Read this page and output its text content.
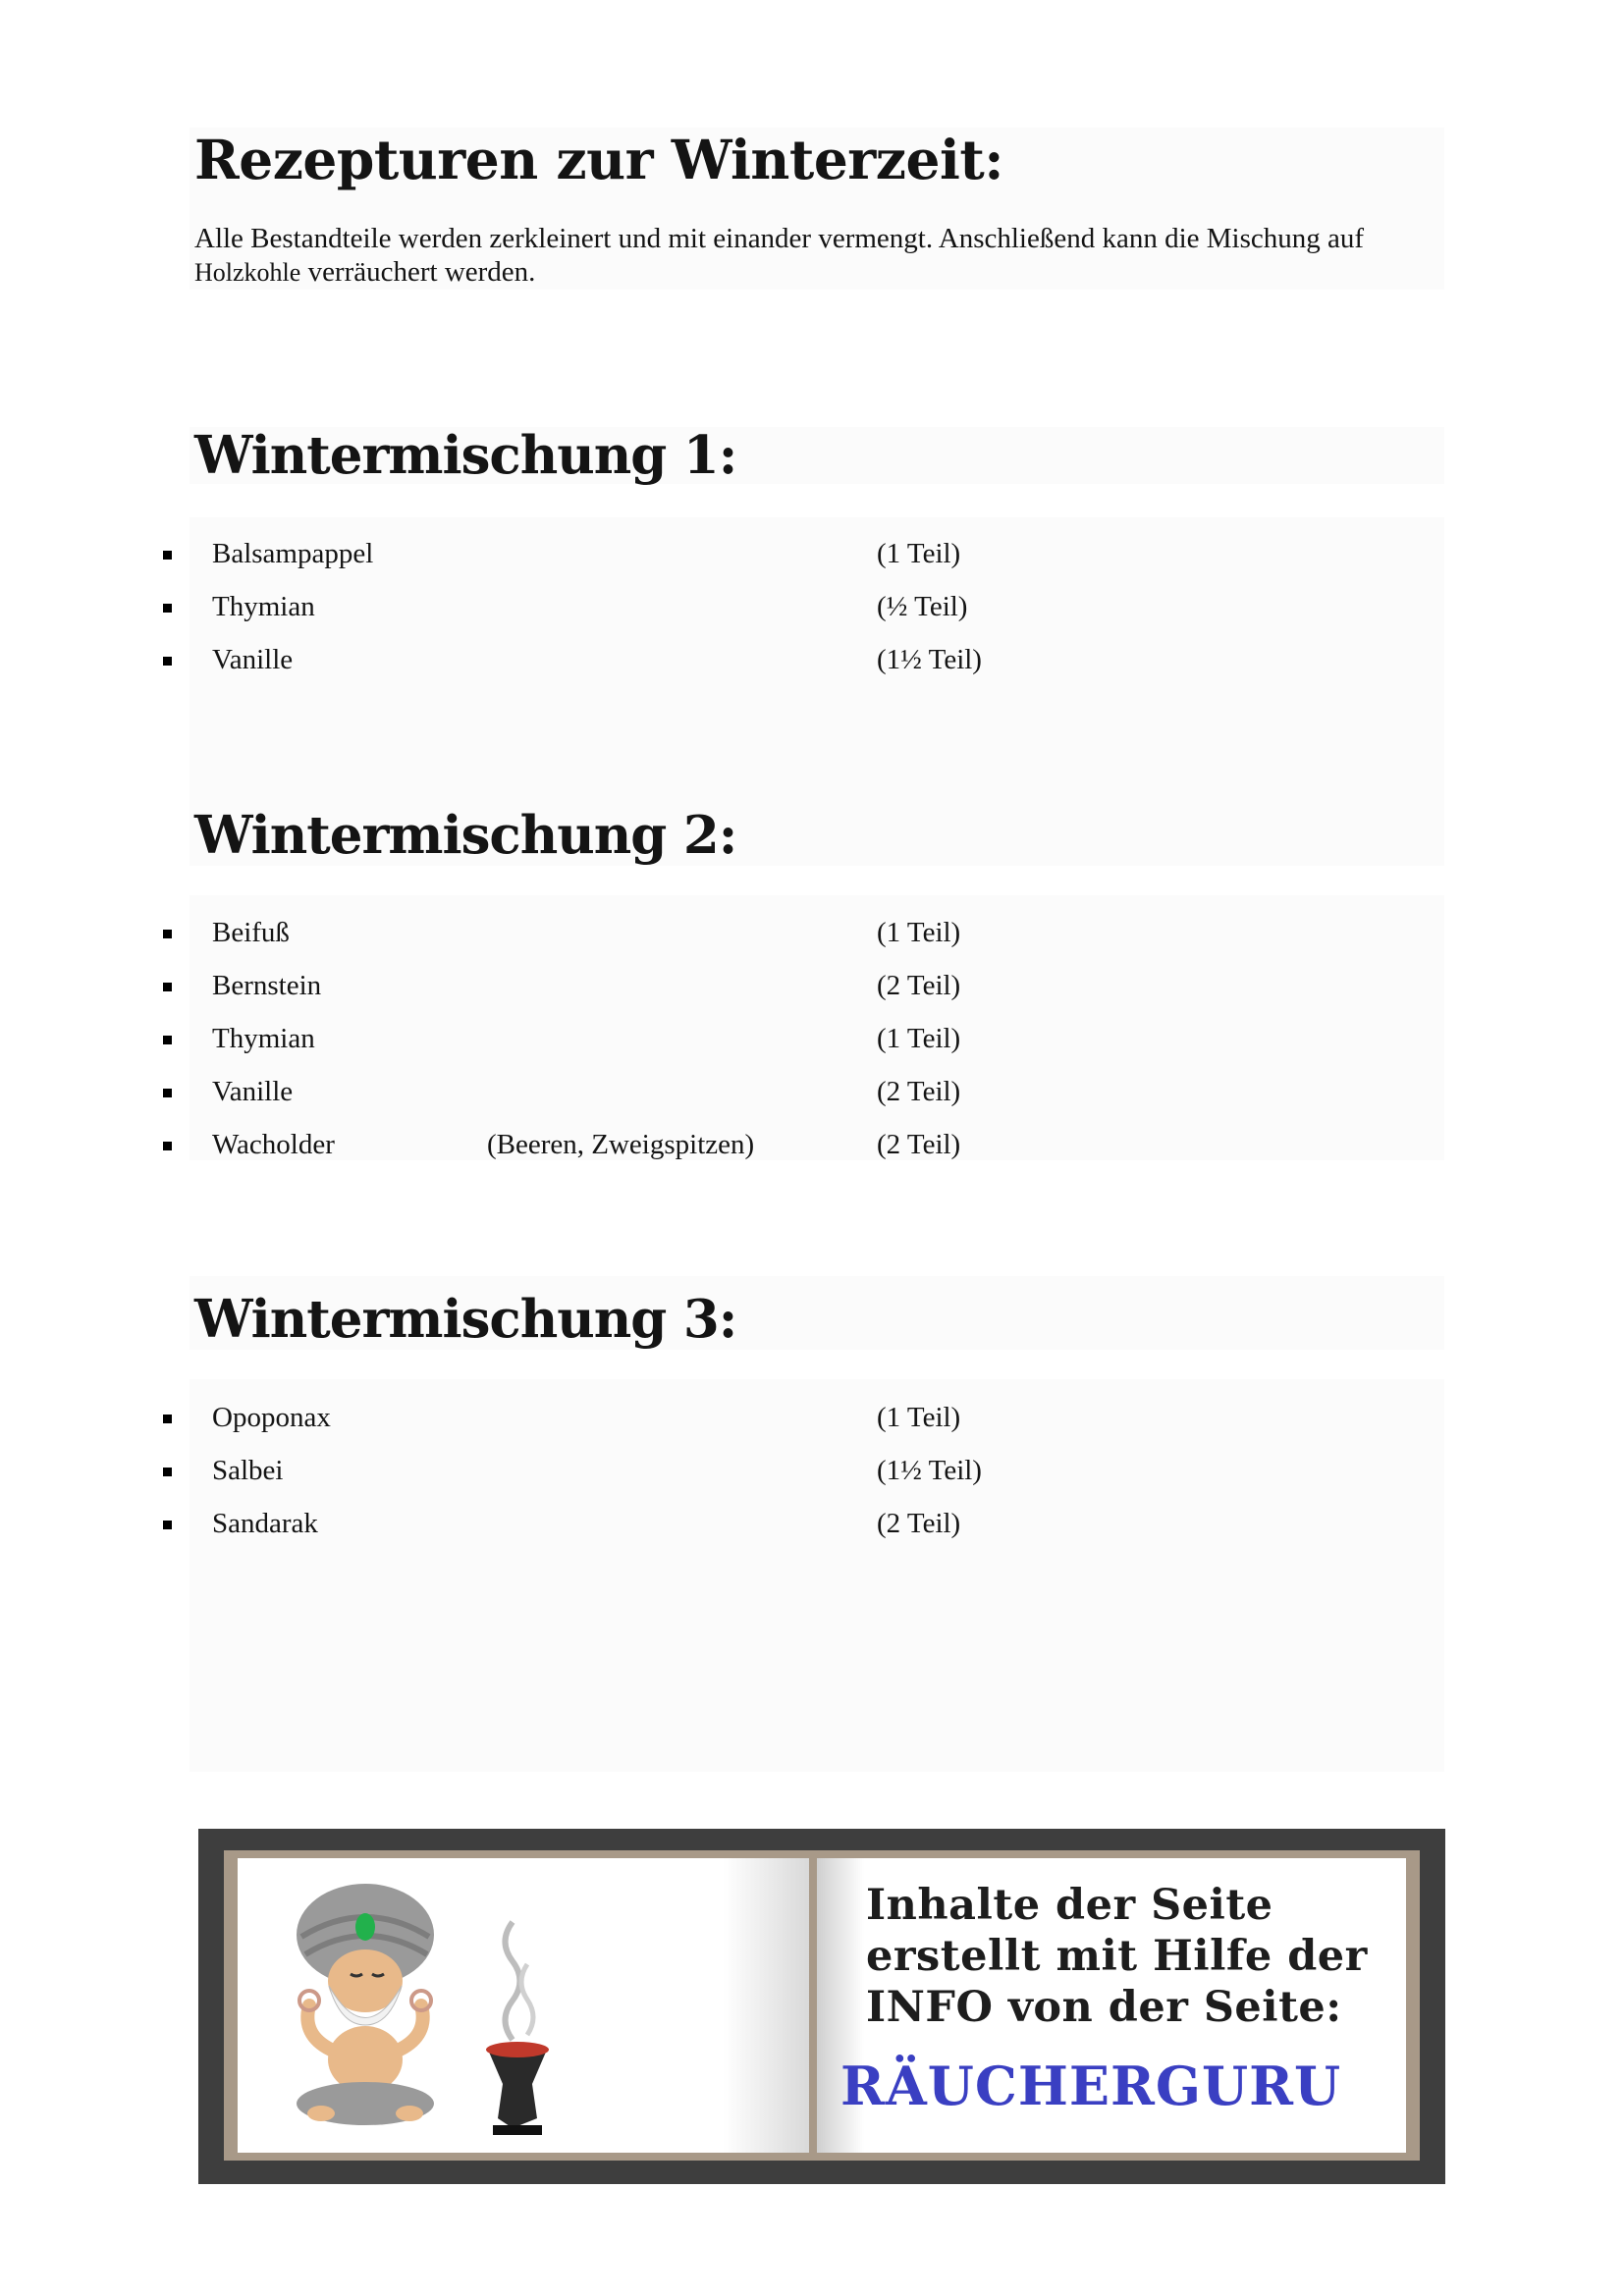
Rezepturen zur Winterzeit:

Alle Bestandteile werden zerkleinert und mit einander vermengt. Anschließend kann die Mischung auf Holzkohle verräuchert werden.

Wintermischung 1:
Balsampappel	(1 Teil)
Thymian	(½ Teil)
Vanille	(1½ Teil)
Wintermischung 2:
Beifuß	(1 Teil)
Bernstein	(2 Teil)
Thymian	(1 Teil)
Vanille	(2 Teil)
Wacholder	(Beeren, Zweigspitzen)	(2 Teil)
Wintermischung 3:
Opoponax	(1 Teil)
Salbei	(1½ Teil)
Sandarak	(2 Teil)
Inhalte der Seite
erstellt mit Hilfe der
INFO von der Seite:
RÄUCHERGURU
